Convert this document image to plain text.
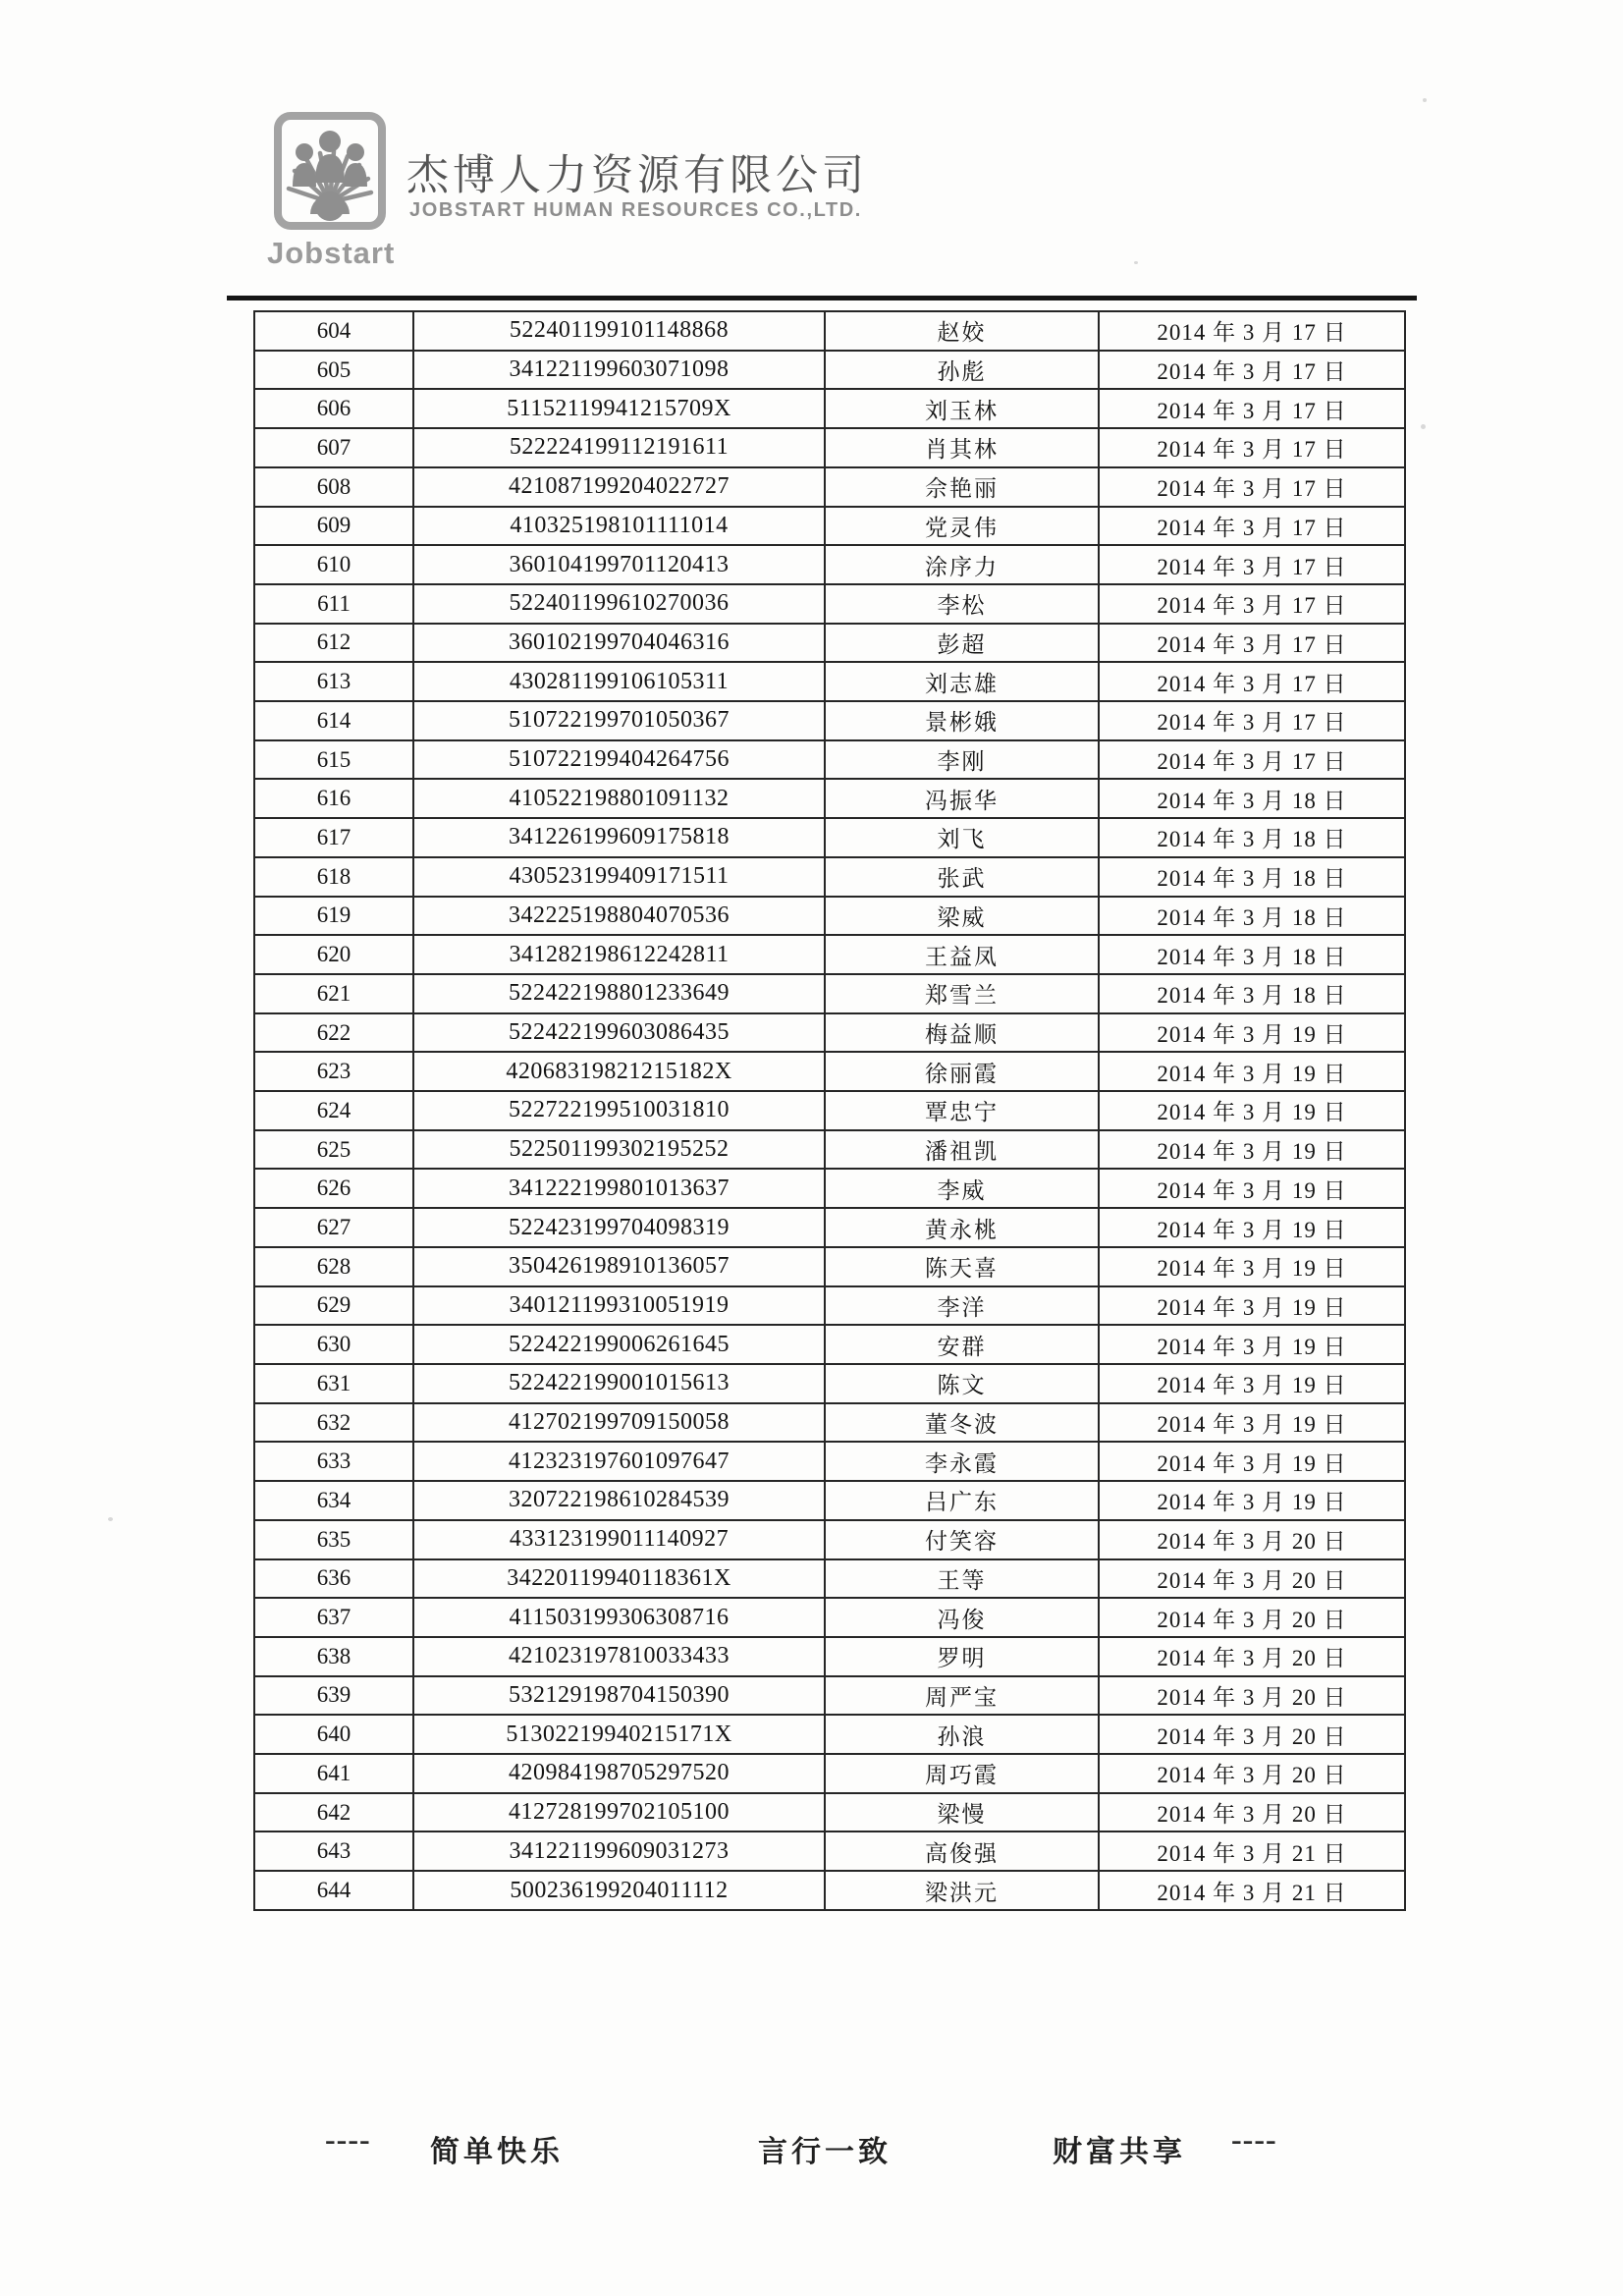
Jobstart
杰博人力资源有限公司
JOBSTART HUMAN RESOURCES CO.,LTD.
604	522401199101148868	赵姣	2014 年 3 月 17 日
605	341221199603071098	孙彪	2014 年 3 月 17 日
606	51152119941215709X	刘玉林	2014 年 3 月 17 日
607	522224199112191611	肖其林	2014 年 3 月 17 日
608	421087199204022727	佘艳丽	2014 年 3 月 17 日
609	410325198101111014	党灵伟	2014 年 3 月 17 日
610	360104199701120413	涂序力	2014 年 3 月 17 日
611	522401199610270036	李松	2014 年 3 月 17 日
612	360102199704046316	彭超	2014 年 3 月 17 日
613	430281199106105311	刘志雄	2014 年 3 月 17 日
614	510722199701050367	景彬娥	2014 年 3 月 17 日
615	510722199404264756	李刚	2014 年 3 月 17 日
616	410522198801091132	冯振华	2014 年 3 月 18 日
617	341226199609175818	刘飞	2014 年 3 月 18 日
618	430523199409171511	张武	2014 年 3 月 18 日
619	342225198804070536	梁威	2014 年 3 月 18 日
620	341282198612242811	王益凤	2014 年 3 月 18 日
621	522422198801233649	郑雪兰	2014 年 3 月 18 日
622	522422199603086435	梅益顺	2014 年 3 月 19 日
623	42068319821215182X	徐丽霞	2014 年 3 月 19 日
624	522722199510031810	覃忠宁	2014 年 3 月 19 日
625	522501199302195252	潘祖凯	2014 年 3 月 19 日
626	341222199801013637	李威	2014 年 3 月 19 日
627	522423199704098319	黄永桃	2014 年 3 月 19 日
628	350426198910136057	陈天喜	2014 年 3 月 19 日
629	340121199310051919	李洋	2014 年 3 月 19 日
630	522422199006261645	安群	2014 年 3 月 19 日
631	522422199001015613	陈文	2014 年 3 月 19 日
632	412702199709150058	董冬波	2014 年 3 月 19 日
633	412323197601097647	李永霞	2014 年 3 月 19 日
634	320722198610284539	吕广东	2014 年 3 月 19 日
635	433123199011140927	付笑容	2014 年 3 月 20 日
636	34220119940118361X	王等	2014 年 3 月 20 日
637	411503199306308716	冯俊	2014 年 3 月 20 日
638	421023197810033433	罗明	2014 年 3 月 20 日
639	532129198704150390	周严宝	2014 年 3 月 20 日
640	51302219940215171X	孙浪	2014 年 3 月 20 日
641	420984198705297520	周巧霞	2014 年 3 月 20 日
642	412728199702105100	梁慢	2014 年 3 月 20 日
643	341221199609031273	高俊强	2014 年 3 月 21 日
644	500236199204011112	梁洪元	2014 年 3 月 21 日
---- 简单快乐	言行一致	财富共享 ----
